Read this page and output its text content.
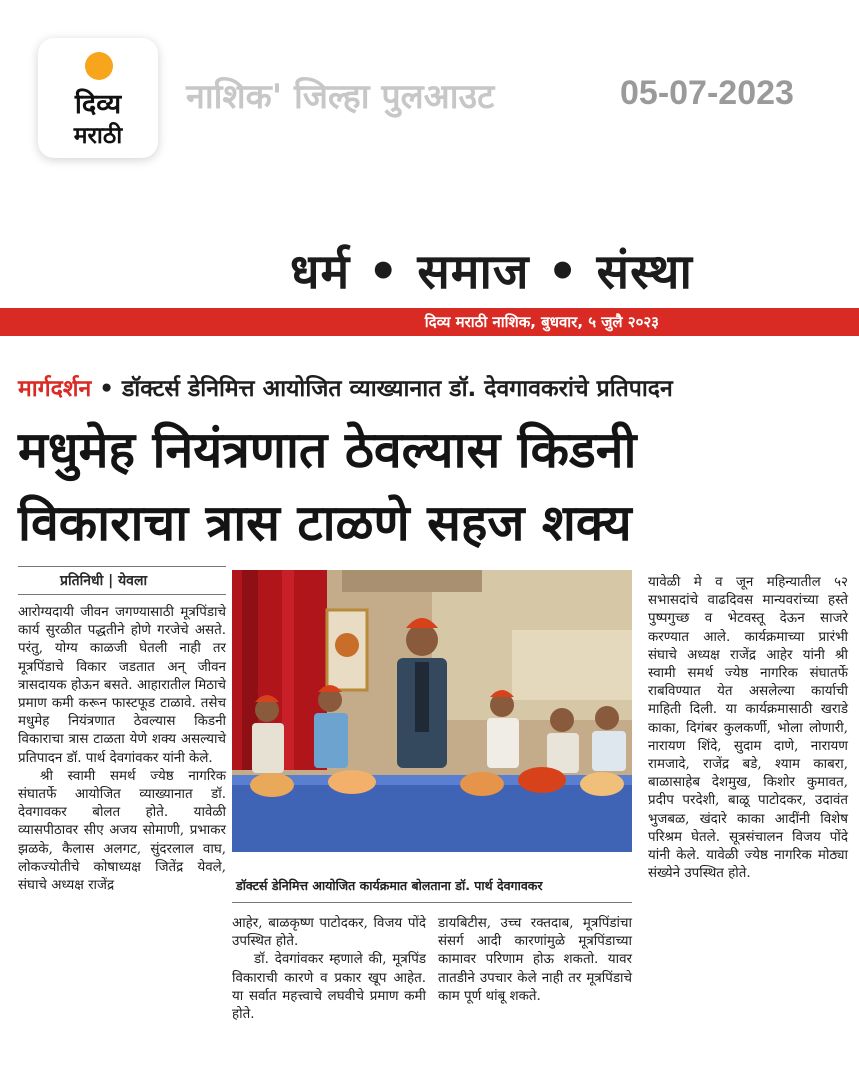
दिव्य
मराठी
नाशिक' जिल्हा पुलआउट	05-07-2023
धर्म • समाज • संस्था
दिव्य मराठी नाशिक, बुधवार, ५ जुलै २०२३
मार्गदर्शन • डॉक्टर्स डेनिमित्त आयोजित व्याख्यानात डॉ. देवगावकरांचे प्रतिपादन
मधुमेह नियंत्रणात ठेवल्यास किडनी
विकाराचा त्रास टाळणे सहज शक्य
प्रतिनिधी | येवला

आरोग्यदायी जीवन जगण्यासाठी मूत्रपिंडाचे कार्य सुरळीत पद्धतीने होणे गरजेचे असते. परंतु, योग्य काळजी घेतली नाही तर मूत्रपिंडाचे विकार जडतात अन् जीवन त्रासदायक होऊन बसते. आहारातील मिठाचे प्रमाण कमी करून फास्टफूड टाळावे. तसेच मधुमेह नियंत्रणात ठेवल्यास किडनी विकाराचा त्रास टाळता येणे शक्य असल्याचे प्रतिपादन डॉ. पार्थ देवगांवकर यांनी केले.

श्री स्वामी समर्थ ज्येष्ठ नागरिक संघातर्फे आयोजित व्याख्यानात डॉ. देवगावकर बोलत होते. यावेळी व्यासपीठावर सीए अजय सोमाणी, प्रभाकर झळके, कैलास अलगट, सुंदरलाल वाघ, लोकज्योतीचे कोषाध्यक्ष जितेंद्र येवले, संघाचे अध्यक्ष राजेंद्र	डॉक्टर्स डेनिमित्त आयोजित कार्यक्रमात बोलताना डॉ. पार्थ देवगावकर

आहेर, बाळकृष्ण पाटोदकर, विजय पोंदे उपस्थित होते.

डॉ. देवगांवकर म्हणाले की, मूत्रपिंड विकाराची कारणे व प्रकार खूप आहेत. या सर्वात महत्त्वाचे लघवीचे प्रमाण कमी होते.

डायबिटीस, उच्च रक्तदाब, मूत्रपिंडांचा संसर्ग आदी कारणांमुळे मूत्रपिंडाच्या कामावर परिणाम होऊ शकतो. यावर तातडीने उपचार केले नाही तर मूत्रपिंडाचे काम पूर्ण थांबू शकते.

यावेळी मे व जून महिन्यातील ५२ सभासदांचे वाढदिवस मान्यवरांच्या हस्ते पुष्पगुच्छ व भेटवस्तू देऊन साजरे करण्यात आले. कार्यक्रमाच्या प्रारंभी संघाचे अध्यक्ष राजेंद्र आहेर यांनी श्री स्वामी समर्थ ज्येष्ठ नागरिक संघातर्फे राबविण्यात येत असलेल्या कार्याची माहिती दिली. या कार्यक्रमासाठी खराडे काका, दिगंबर कुलकर्णी, भोला लोणारी, नारायण शिंदे, सुदाम दाणे, नारायण रामजादे, राजेंद्र बडे, श्याम काबरा, बाळासाहेब देशमुख, किशोर कुमावत, प्रदीप परदेशी, बाळू पाटोदकर, उदावंत भुजबळ, खंदारे काका आदींनी विशेष परिश्रम घेतले. सूत्रसंचालन विजय पोंदे यांनी केले. यावेळी ज्येष्ठ नागरिक मोठ्या संख्येने उपस्थित होते.
